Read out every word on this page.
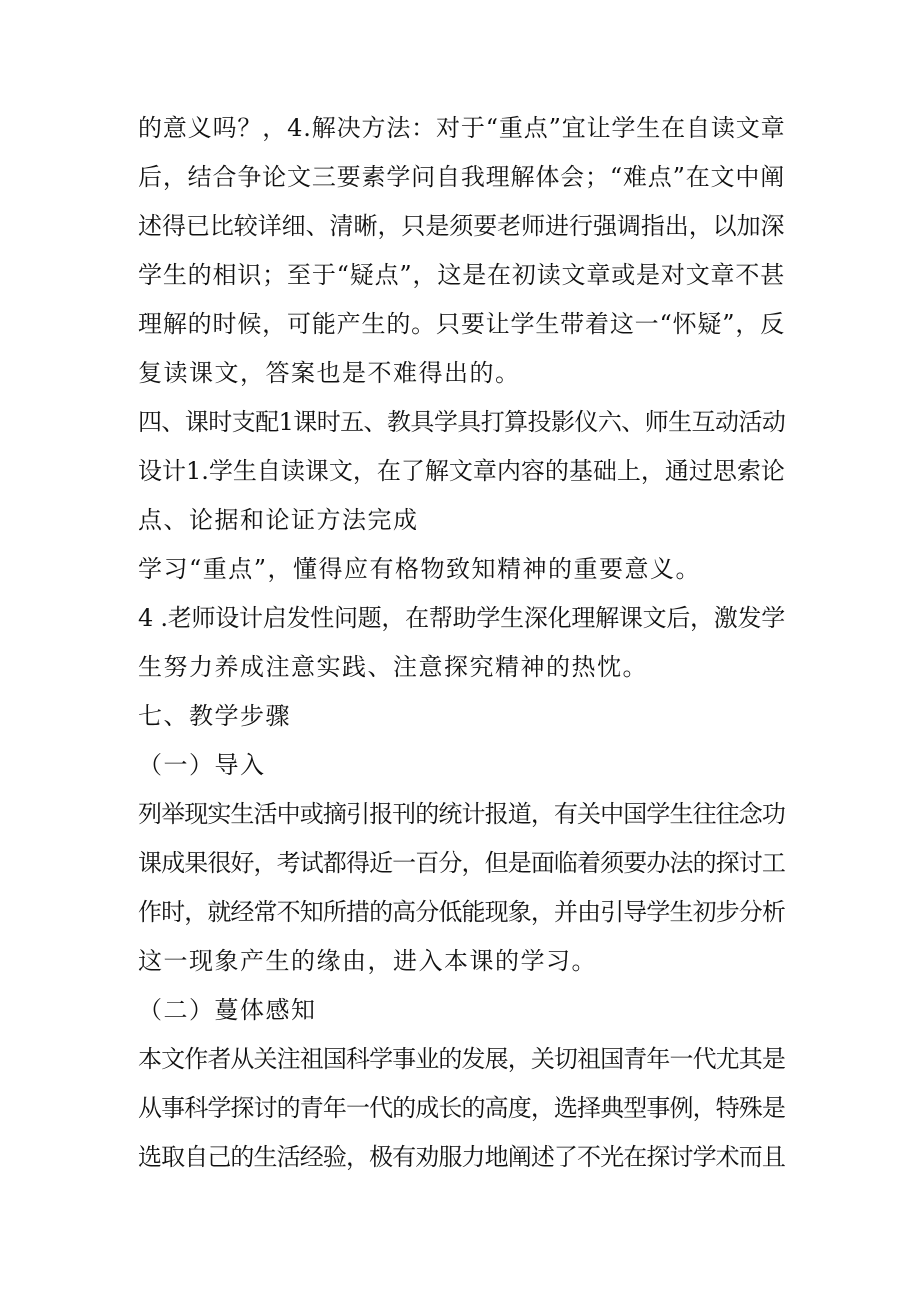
的意义吗？，4.解决方法：对于“重点”宜让学生在自读文章
后，结合争论文三要素学问自我理解体会；“难点”在文中阐
述得已比较详细、清晰，只是须要老师进行强调指出，以加深
学生的相识；至于“疑点”，这是在初读文章或是对文章不甚
理解的时候，可能产生的。只要让学生带着这一“怀疑”，反
复读课文，答案也是不难得出的。
四、课时支配1课时五、教具学具打算投影仪六、师生互动活动
设计1.学生自读课文，在了解文章内容的基础上，通过思索论
点、论据和论证方法完成
学习“重点”，懂得应有格物致知精神的重要意义。
4 .老师设计启发性问题，在帮助学生深化理解课文后，激发学
生努力养成注意实践、注意探究精神的热忱。
七、教学步骤
（一）导入
列举现实生活中或摘引报刊的统计报道，有关中国学生往往念功
课成果很好，考试都得近一百分，但是面临着须要办法的探讨工
作时，就经常不知所措的高分低能现象，并由引导学生初步分析
这一现象产生的缘由，进入本课的学习。
（二）蔓体感知
本文作者从关注祖国科学事业的发展，关切祖国青年一代尤其是
从事科学探讨的青年一代的成长的高度，选择典型事例，特殊是
选取自己的生活经验，极有劝服力地阐述了不光在探讨学术而且
